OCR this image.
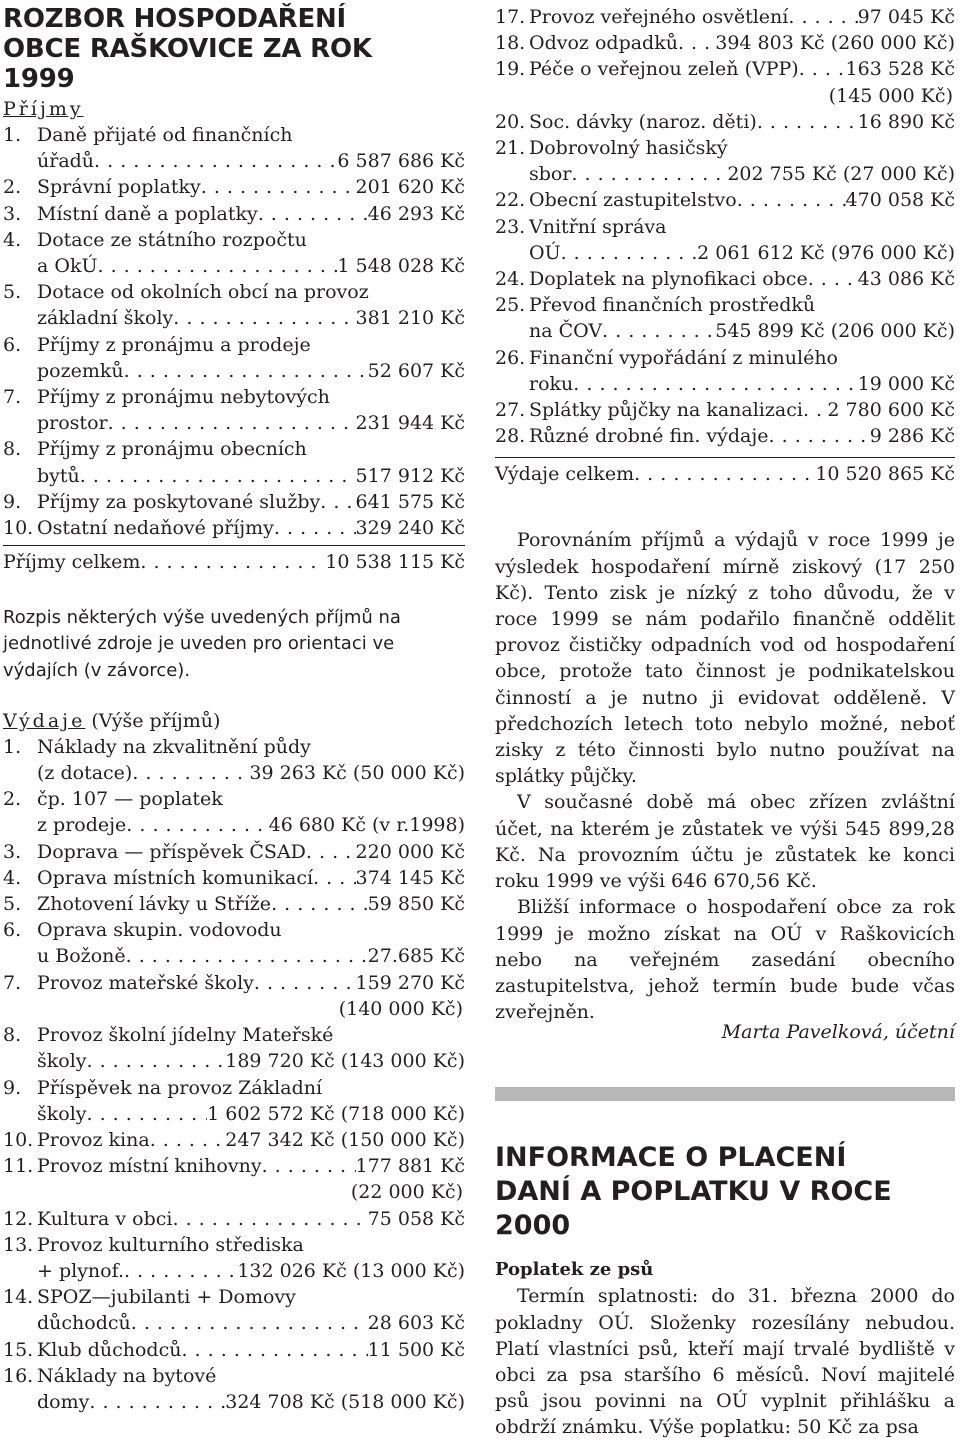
ROZBOR HOSPODAŘENÍ OBCE RAŠKOVICE ZA ROK 1999
Příjmy
1. Daně přijaté od finančních
úřadů . . .	6 587 686 Kč
2. Správní poplatky . . .	201 620 Kč
3. Místní daně a poplatky . . .	46 293 Kč
4. Dotace ze státního rozpočtu
a OkÚ . . .	1 548 028 Kč
5. Dotace od okolních obcí na provoz
základní školy . . .	381 210 Kč
6. Příjmy z pronájmu a prodeje
pozemků . . .	52 607 Kč
7. Příjmy z pronájmu nebytových
prostor . . .	231 944 Kč
8. Příjmy z pronájmu obecních
bytů . . .	517 912 Kč
9. Příjmy za poskytované služby . . . 641 575 Kč
10. Ostatní nedaňové příjmy . . .	329 240 Kč
Příjmy celkem . . .	10 538 115 Kč

Rozpis některých výše uvedených příjmů na jednotlivé zdroje je uveden pro orientaci ve výdajích (v závorce).

Výdaje (Výše příjmů)
1. Náklady na zkvalitnění půdy
(z dotace) . . .	39 263 Kč (50 000 Kč)
2. čp. 107 — poplatek
z prodeje . . .	46 680 Kč (v r.1998)
3. Doprava — příspěvek ČSAD . . .	220 000 Kč
4. Oprava místních komunikací . . . 374 145 Kč
5. Zhotovení lávky u Stříže . . .	59 850 Kč
6. Oprava skupin. vodovodu
u Božoně . . .	27.685 Kč
7. Provoz mateřské školy . . .	159 270 Kč
(140 000 Kč)
8. Provoz školní jídelny Mateřské
školy . . .	189 720 Kč (143 000 Kč)
9. Příspěvek na provoz Základní
školy . . .	1 602 572 Kč (718 000 Kč)
10. Provoz kina . . .	247 342 Kč (150 000 Kč)
11. Provoz místní knihovny . . .	177 881 Kč
(22 000 Kč)
12. Kultura v obci . . .	75 058 Kč
13. Provoz kulturního střediska
+ plynof. . . .	132 026 Kč (13 000 Kč)
14. SPOZ—jubilanti + Domovy
důchodců . . .	28 603 Kč
15. Klub důchodců . . .	11 500 Kč
16. Náklady na bytové
domy . . .	324 708 Kč (518 000 Kč)
17. Provoz veřejného osvětlení . . .	97 045 Kč
18. Odvoz odpadků . . . 394 803 Kč (260 000 Kč)
19. Péče o veřejnou zeleň (VPP) . . . 163 528 Kč
(145 000 Kč)
20. Soc. dávky (naroz. děti) . . .	16 890 Kč
21. Dobrovolný hasičský
sbor . . .	202 755 Kč (27 000 Kč)
22. Obecní zastupitelstvo . . .	470 058 Kč
23. Vnitřní správa
OÚ . . .	2 061 612 Kč (976 000 Kč)
24. Doplatek na plynofikaci obce . . .	43 086 Kč
25. Převod finančních prostředků
na ČOV . . .	545 899 Kč (206 000 Kč)
26. Finanční vypořádání z minulého
roku . . .	19 000 Kč
27. Splátky půjčky na kanalizaci . . . 2 780 600 Kč
28. Různé drobné fin. výdaje . . .	9 286 Kč
Výdaje celkem . . .	10 520 865 Kč

Porovnáním příjmů a výdajů v roce 1999 je výsledek hospodaření mírně ziskový (17 250 Kč). Tento zisk je nízký z toho důvodu, že v roce 1999 se nám podařilo finančně oddělit provoz čističky odpadních vod od hospodaření obce, protože tato činnost je podnikatelskou činností a je nutno ji evidovat odděleně. V předchozích letech toto nebylo možné, neboť zisky z této činnosti bylo nutno používat na splátky půjčky.

V současné době má obec zřízen zvláštní účet, na kterém je zůstatek ve výši 545 899,28 Kč. Na provozním účtu je zůstatek ke konci roku 1999 ve výši 646 670,56 Kč.

Bližší informace o hospodaření obce za rok 1999 je možno získat na OÚ v Raškovicích nebo na veřejném zasedání obecního zastupitelstva, jehož termín bude bude včas zveřejněn.

Marta Pavelková, účetní
INFORMACE O PLACENÍ DANÍ A POPLATKU V ROCE 2000
Poplatek ze psů

Termín splatnosti: do 31. března 2000 do pokladny OÚ. Složenky rozesílány nebudou. Platí vlastníci psů, kteří mají trvalé bydliště v obci za psa staršího 6 měsíců. Noví majitelé psů jsou povinni na OÚ vyplnit přihlášku a obdrží známku. Výše poplatku: 50 Kč za psa
